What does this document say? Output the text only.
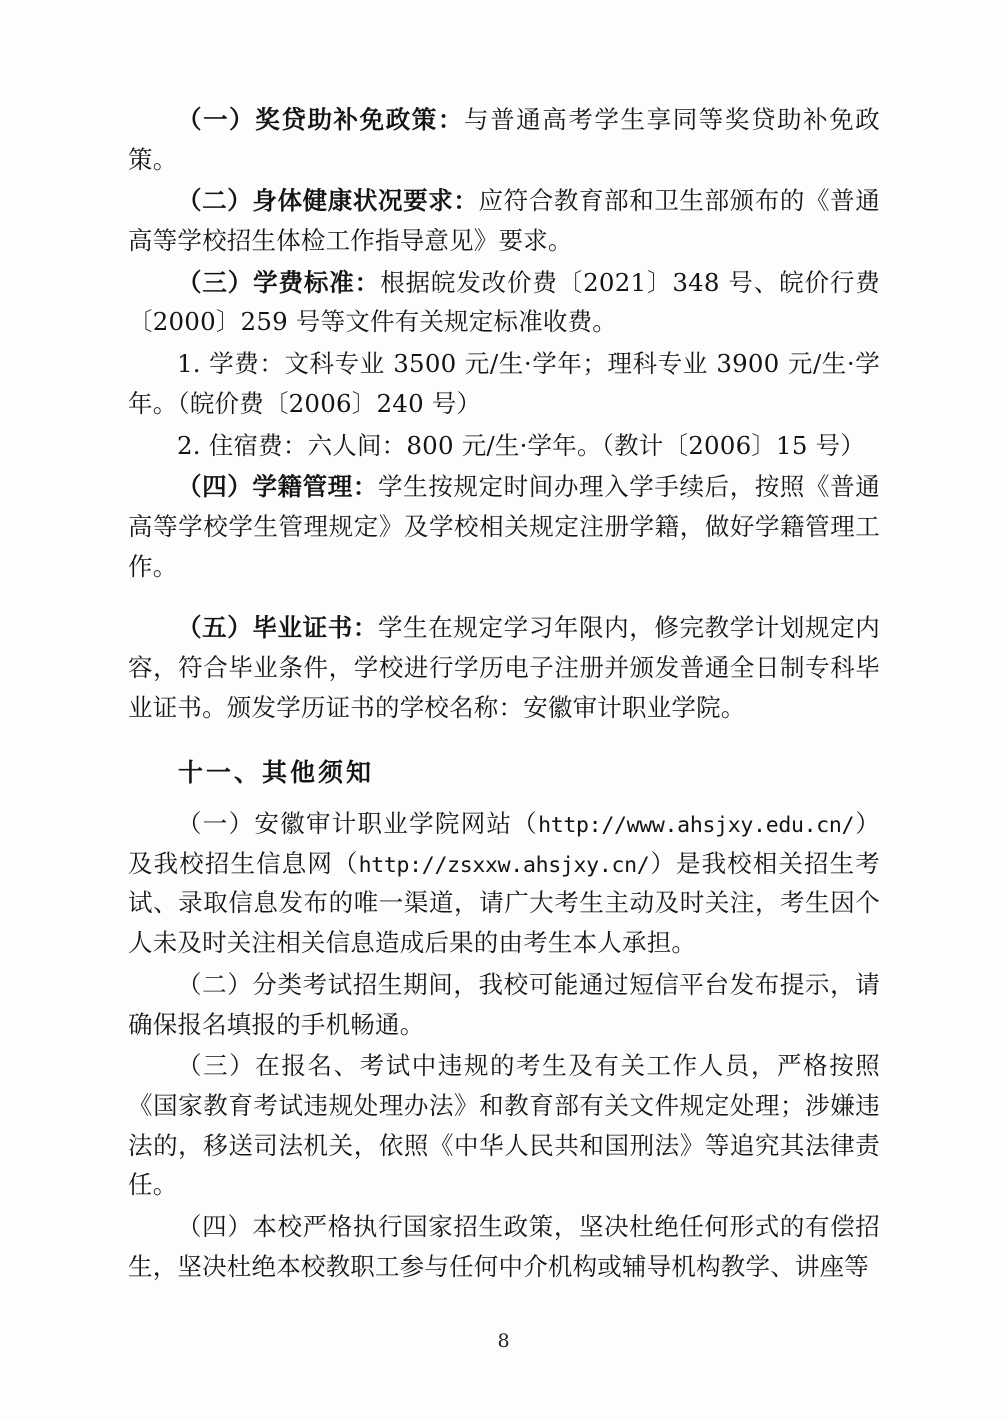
（一）奖贷助补免政策：与普通高考学生享同等奖贷助补免政策。

（二）身体健康状况要求：应符合教育部和卫生部颁布的《普通高等学校招生体检工作指导意见》要求。

（三）学费标准：根据皖发改价费〔2021〕348 号、皖价行费〔2000〕259 号等文件有关规定标准收费。

1. 学费：文科专业 3500 元/生·学年；理科专业 3900 元/生·学年。（皖价费〔2006〕240 号）

2. 住宿费：六人间：800 元/生·学年。（教计〔2006〕15 号）

（四）学籍管理：学生按规定时间办理入学手续后，按照《普通高等学校学生管理规定》及学校相关规定注册学籍，做好学籍管理工作。

（五）毕业证书：学生在规定学习年限内，修完教学计划规定内容，符合毕业条件，学校进行学历电子注册并颁发普通全日制专科毕业证书。颁发学历证书的学校名称：安徽审计职业学院。

十一、其他须知

（一）安徽审计职业学院网站（http://www.ahsjxy.edu.cn/）及我校招生信息网（http://zsxxw.ahsjxy.cn/）是我校相关招生考试、录取信息发布的唯一渠道，请广大考生主动及时关注，考生因个人未及时关注相关信息造成后果的由考生本人承担。

（二）分类考试招生期间，我校可能通过短信平台发布提示，请确保报名填报的手机畅通。

（三）在报名、考试中违规的考生及有关工作人员，严格按照《国家教育考试违规处理办法》和教育部有关文件规定处理；涉嫌违法的，移送司法机关，依照《中华人民共和国刑法》等追究其法律责任。

（四）本校严格执行国家招生政策，坚决杜绝任何形式的有偿招生，坚决杜绝本校教职工参与任何中介机构或辅导机构教学、讲座等

8
